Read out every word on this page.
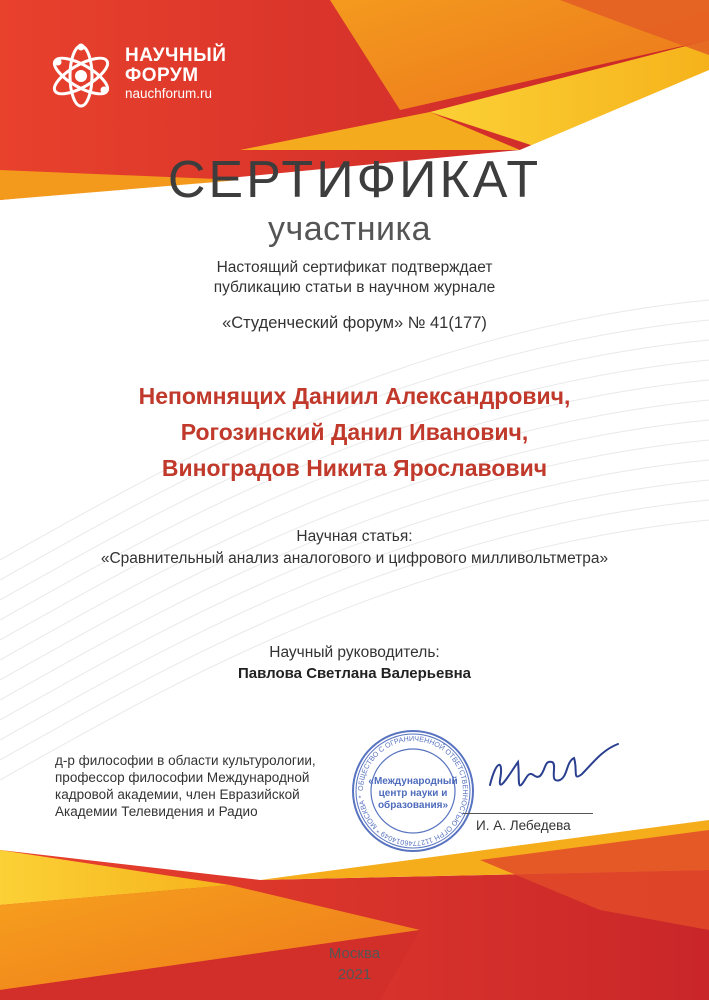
НАУЧНЫЙ
ФОРУМ
nauchforum.ru
СЕРТИФИКАТ
участника
Настоящий сертификат подтверждает
публикацию статьи в научном журнале
«Студенческий форум» № 41(177)
Непомнящих Даниил Александрович,
Рогозинский Данил Иванович,
Виноградов Никита Ярославович
Научная статья:
«Сравнительный анализ аналогового и цифрового милливольтметра»
Научный руководитель:
Павлова Светлана Валерьевна
д-р философии в области культурологии,
профессор философии Международной
кадровой академии, член Евразийской
Академии Телевидения и Радио
ОБЩЕСТВО С ОГРАНИЧЕННОЙ ОТВЕТСТВЕННОСТЬЮ ОГРН 1127746014049 * МОСКВА *
«Международный
центр науки и
образования»
И. А. Лебедева
Москва
2021
